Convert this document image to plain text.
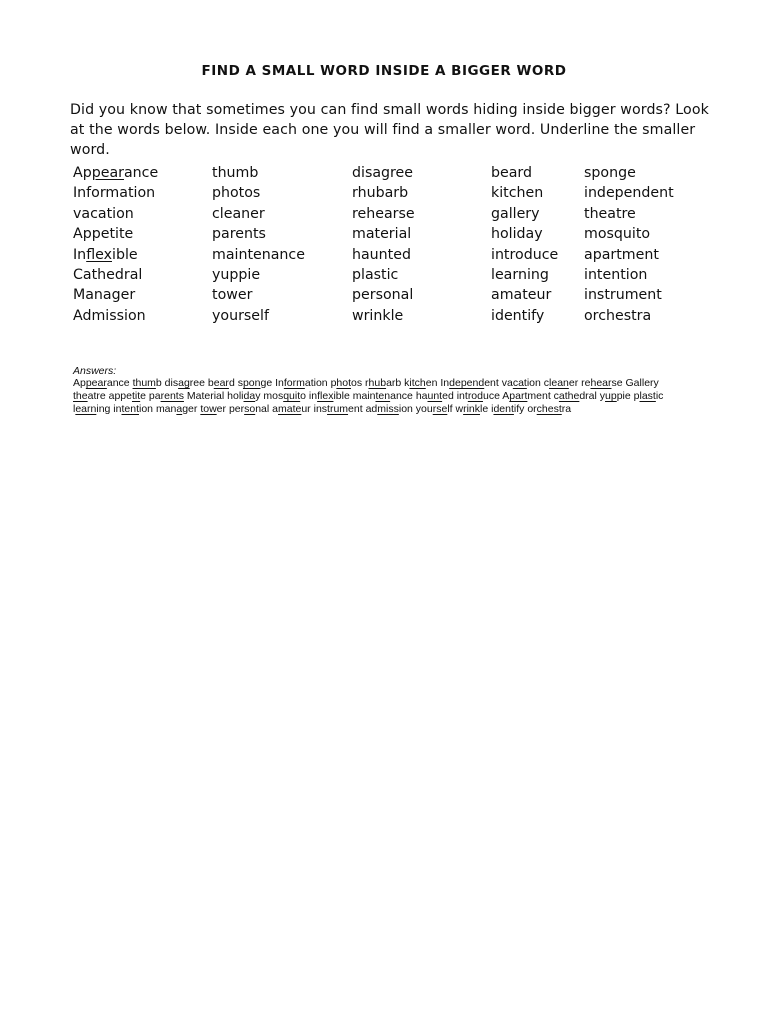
FIND A SMALL WORD INSIDE A BIGGER WORD
Did you know that sometimes you can find small words hiding inside bigger words? Look at the words below. Inside each one you will find a smaller word. Underline the smaller word.
Appearance	thumb	disagree	beard	sponge
Information	photos	rhubarb	kitchen	independent
vacation	cleaner	rehearse	gallery	theatre
Appetite	parents	material	holiday	mosquito
Inflexible	maintenance	haunted	introduce	apartment
Cathedral	yuppie	plastic	learning	intention
Manager	tower	personal	amateur	instrument
Admission	yourself	wrinkle	identify	orchestra
Answers:
Appearance thumb disagree beard sponge Information photos rhubarb kitchen Independent vacation cleaner rehearse Gallery theatre appetite parents Material holiday mosquito inflexible maintenance haunted introduce Apartment cathedral yuppie plastic learning intention manager tower personal amateur instrument admission yourself wrinkle identify orchestra
